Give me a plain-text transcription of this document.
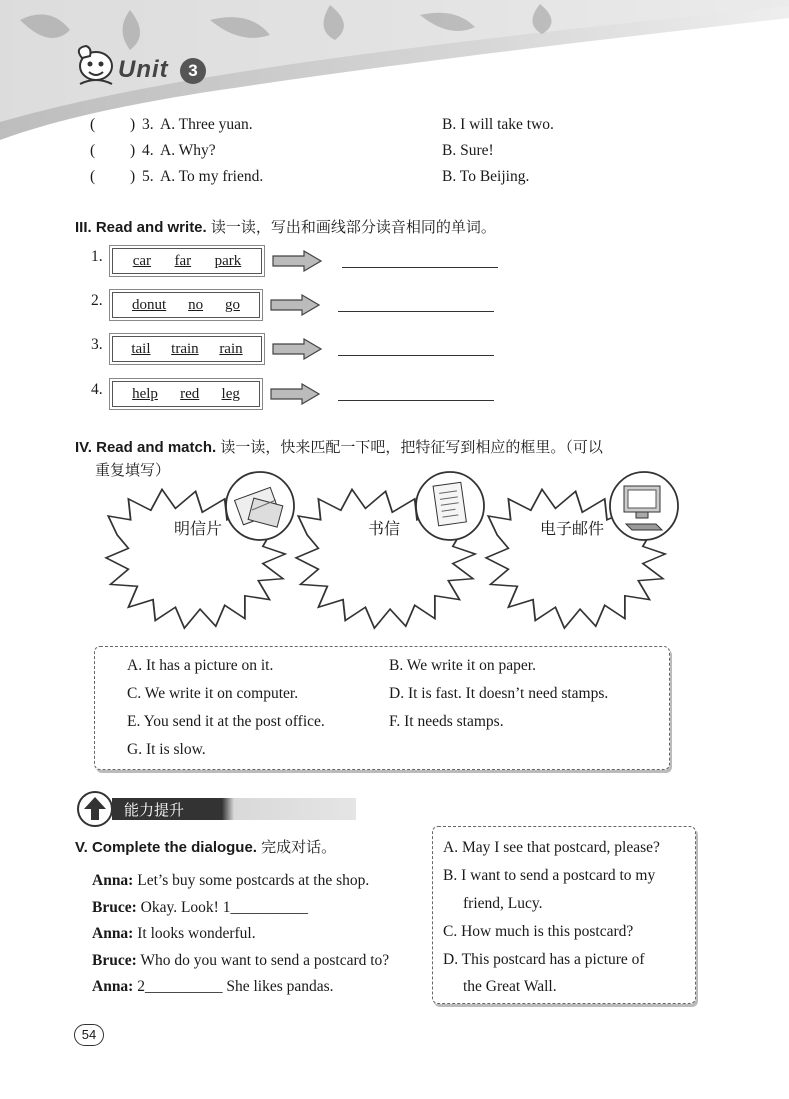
Unit	3
( ) 3. A. Three yuan.	B. I will take two.
( ) 4. A. Why?	B. Sure!
( ) 5. A. To my friend.	B. To Beijing.
III. Read and write. 读一读，写出和画线部分读音相同的单词。
1. car far park
2. donut no go
3. tail train rain
4. help red leg
IV. Read and match. 读一读，快来匹配一下吧，把特征写到相应的框里。（可以
重复填写）
明信片	书信	电子邮件
A. It has a picture on it.	B. We write it on paper.
C. We write it on computer.	D. It is fast. It doesn’t need stamps.
E. You send it at the post office.	F. It needs stamps.
G. It is slow.
能力提升
V. Complete the dialogue. 完成对话。
Anna: Let’s buy some postcards at the shop.
Bruce: Okay. Look! 1__________
Anna: It looks wonderful.
Bruce: Who do you want to send a postcard to?
Anna: 2__________ She likes pandas.
A. May I see that postcard, please?
B. I want to send a postcard to my
friend, Lucy.
C. How much is this postcard?
D. This postcard has a picture of
the Great Wall.
54
